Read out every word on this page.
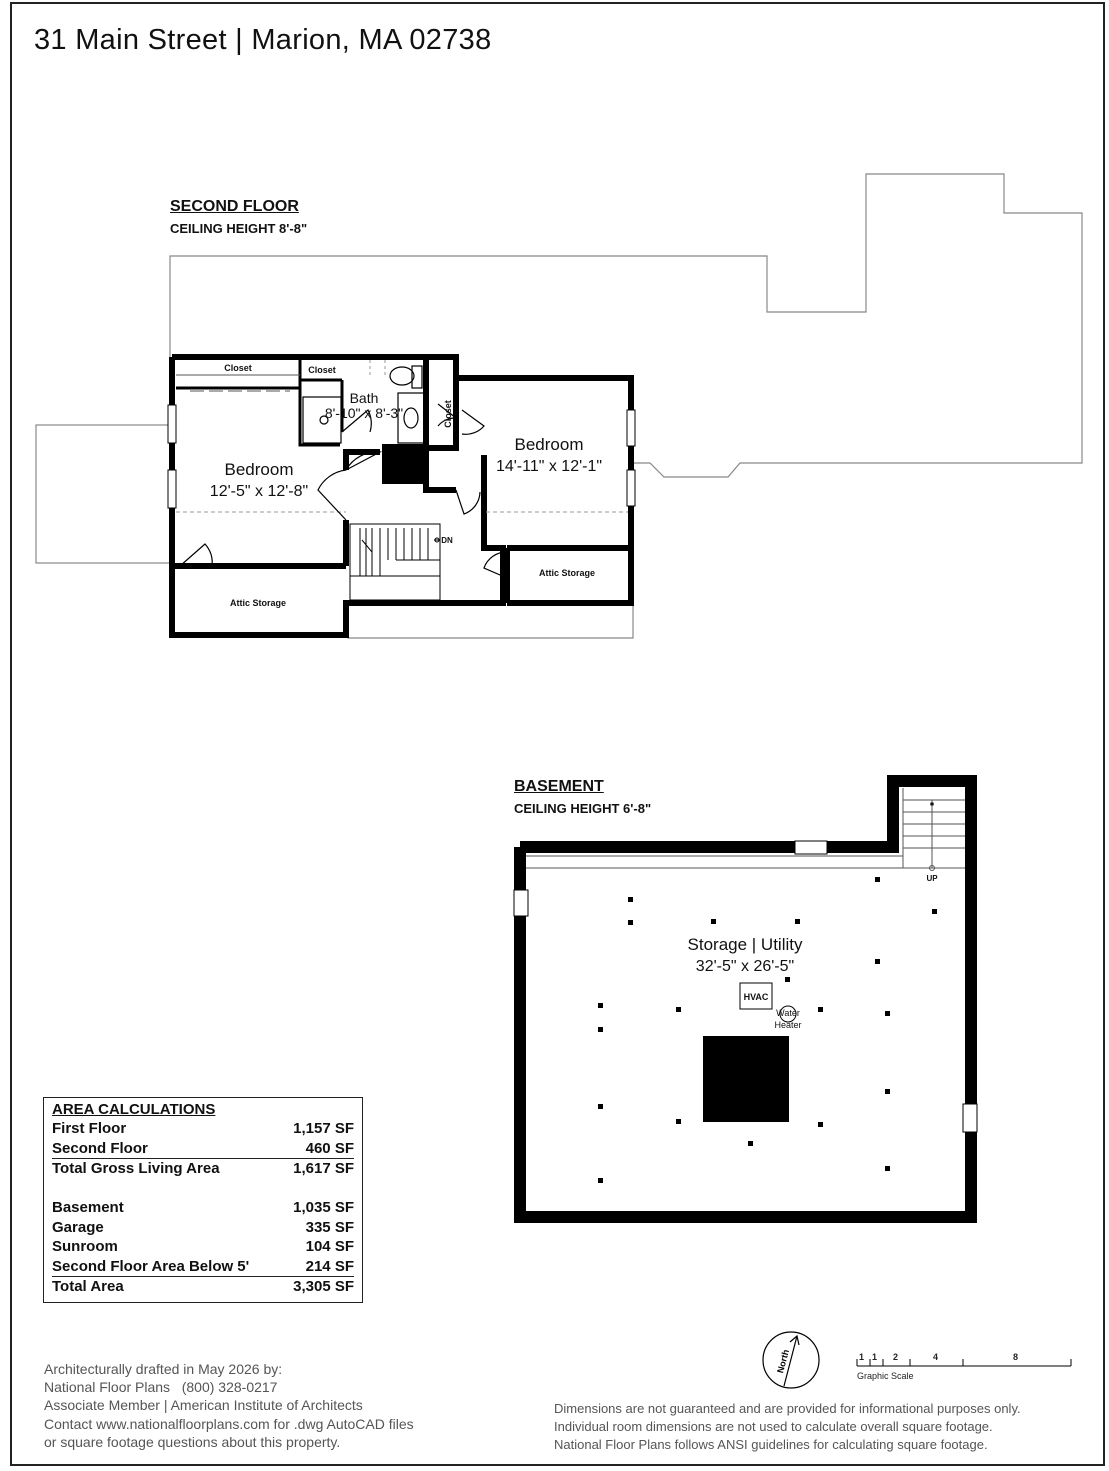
31 Main Street | Marion, MA 02738
SECOND FLOOR
CEILING HEIGHT 8'-8"
BASEMENT
CEILING HEIGHT 6'-8"
Closet	Closet
Closet
Bath
8'-10" x 8'-3"
Bedroom
12'-5" x 12'-8"
Bedroom
14'-11" x 12'-1"
Attic Storage
Attic Storage
DN
Storage | Utility
32'-5" x 26'-5"
HVAC
Water
Heater
UP
North	1 1 2	4	8
Graphic Scale
AREA CALCULATIONS
First Floor	1,157 SF
Second Floor	460 SF
Total Gross Living Area	1,617 SF
Basement	1,035 SF
Garage	335 SF
Sunroom	104 SF
Second Floor Area Below 5'	214 SF
Total Area	3,305 SF
Architecturally drafted in May 2026 by:
National Floor Plans   (800) 328-0217
Associate Member | American Institute of Architects
Contact www.nationalfloorplans.com for .dwg AutoCAD files
or square footage questions about this property.
Dimensions are not guaranteed and are provided for informational purposes only.
Individual room dimensions are not used to calculate overall square footage.
National Floor Plans follows ANSI guidelines for calculating square footage.
